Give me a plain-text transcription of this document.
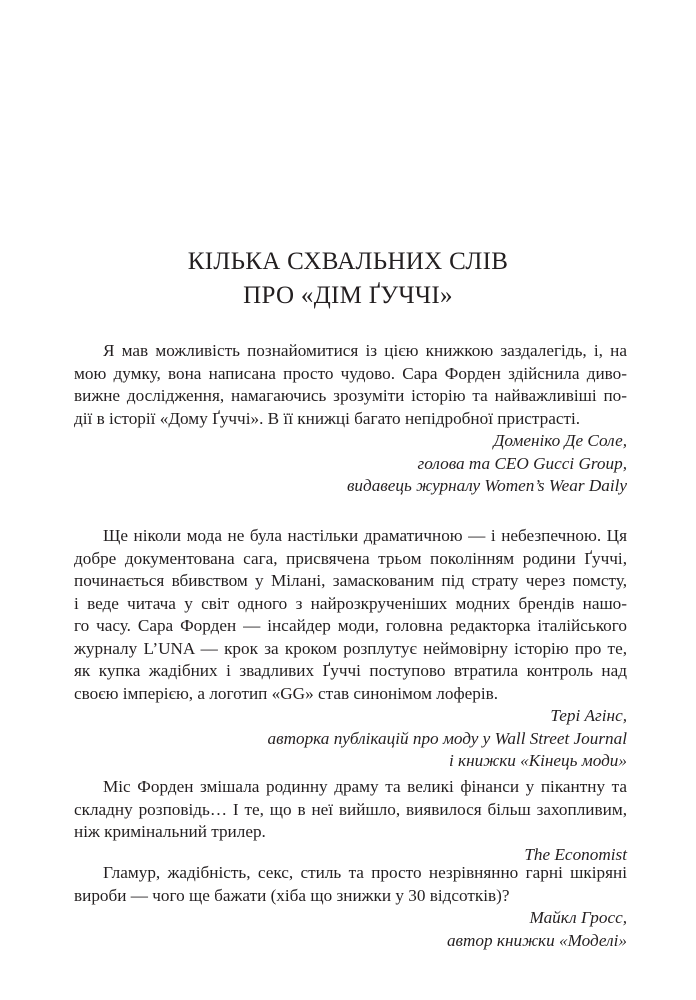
КІЛЬКА СХВАЛЬНИХ СЛІВ
ПРО «ДІМ ҐУЧЧІ»

Я мав можливість познайомитися із цією книжкою заздалегідь, і, на
мою думку, вона написана просто чудово. Сара Форден здійснила диво-
вижне дослідження, намагаючись зрозуміти історію та найважливіші по-
дії в історії «Дому Ґуччі». В її книжці багато непідробної пристрасті.

Доменіко Де Соле,
голова та CEO Gucci Group,
видавець журналу Women’s Wear Daily

Ще ніколи мода не була настільки драматичною — і небезпечною. Ця
добре документована сага, присвячена трьом поколінням родини Ґуччі,
починається вбивством у Мілані, замаскованим під страту через помсту,
і веде читача у світ одного з найрозкрученіших модних брендів нашо-
го часу. Сара Форден — інсайдер моди, головна редакторка італійського
журналу L’UNA — крок за кроком розплутує неймовірну історію про те,
як купка жадібних і звадливих Ґуччі поступово втратила контроль над
своєю імперією, а логотип «GG» став синонімом лоферів.

Тері Агінс,
авторка публікацій про моду у Wall Street Journal
і книжки «Кінець моди»

Міс Форден змішала родинну драму та великі фінанси у пікантну та
складну розповідь… І те, що в неї вийшло, виявилося більш захопливим,
ніж кримінальний трилер.

The Economist

Гламур, жадібність, секс, стиль та просто незрівнянно гарні шкіряні
вироби — чого ще бажати (хіба що знижки у 30 відсотків)?

Майкл Гросс,
автор книжки «Моделі»
